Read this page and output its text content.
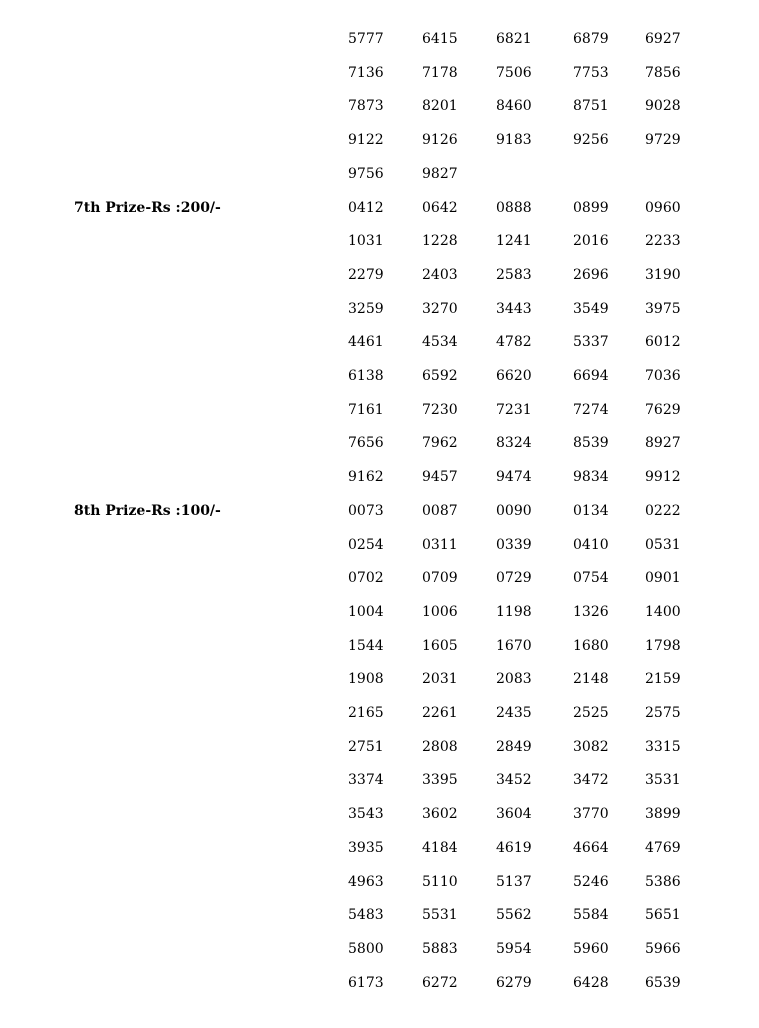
5777	6415	6821	6879	6927
7136	7178	7506	7753	7856
7873	8201	8460	8751	9028
9122	9126	9183	9256	9729
9756	9827
7th Prize-Rs :200/-	0412	0642	0888	0899	0960
1031	1228	1241	2016	2233
2279	2403	2583	2696	3190
3259	3270	3443	3549	3975
4461	4534	4782	5337	6012
6138	6592	6620	6694	7036
7161	7230	7231	7274	7629
7656	7962	8324	8539	8927
9162	9457	9474	9834	9912
8th Prize-Rs :100/-	0073	0087	0090	0134	0222
0254	0311	0339	0410	0531
0702	0709	0729	0754	0901
1004	1006	1198	1326	1400
1544	1605	1670	1680	1798
1908	2031	2083	2148	2159
2165	2261	2435	2525	2575
2751	2808	2849	3082	3315
3374	3395	3452	3472	3531
3543	3602	3604	3770	3899
3935	4184	4619	4664	4769
4963	5110	5137	5246	5386
5483	5531	5562	5584	5651
5800	5883	5954	5960	5966
6173	6272	6279	6428	6539
